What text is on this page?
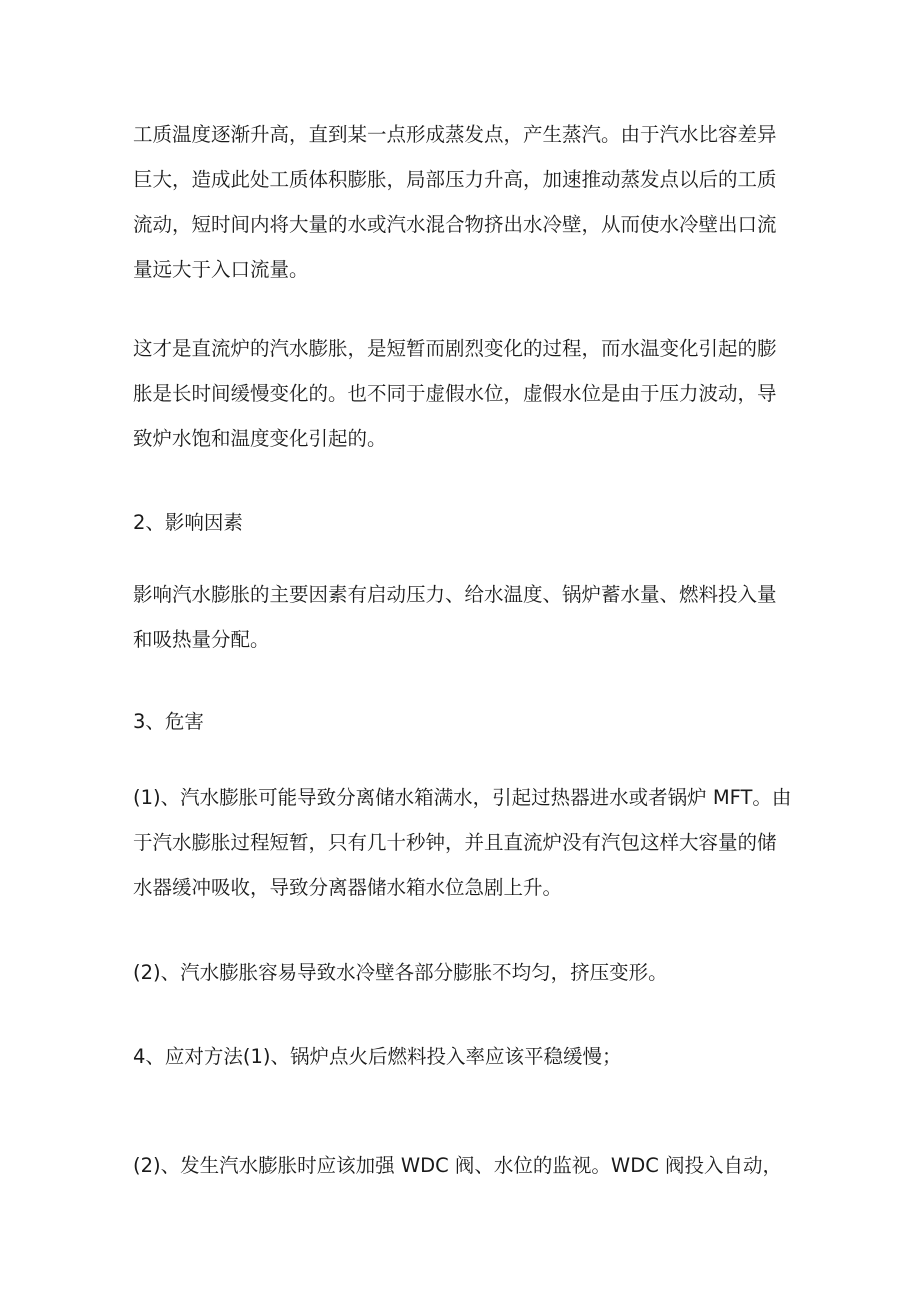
工质温度逐渐升高，直到某一点形成蒸发点，产生蒸汽。由于汽水比容差异
巨大，造成此处工质体积膨胀，局部压力升高，加速推动蒸发点以后的工质
流动，短时间内将大量的水或汽水混合物挤出水冷壁，从而使水冷壁出口流
量远大于入口流量。

这才是直流炉的汽水膨胀，是短暂而剧烈变化的过程，而水温变化引起的膨
胀是长时间缓慢变化的。也不同于虚假水位，虚假水位是由于压力波动，导
致炉水饱和温度变化引起的。

2、影响因素

影响汽水膨胀的主要因素有启动压力、给水温度、锅炉蓄水量、燃料投入量
和吸热量分配。

3、危害

(1)、汽水膨胀可能导致分离储水箱满水，引起过热器进水或者锅炉 MFT。由
于汽水膨胀过程短暂，只有几十秒钟，并且直流炉没有汽包这样大容量的储
水器缓冲吸收，导致分离器储水箱水位急剧上升。

(2)、汽水膨胀容易导致水冷壁各部分膨胀不均匀，挤压变形。

4、应对方法(1)、锅炉点火后燃料投入率应该平稳缓慢；

(2)、发生汽水膨胀时应该加强 WDC 阀、水位的监视。WDC 阀投入自动，
